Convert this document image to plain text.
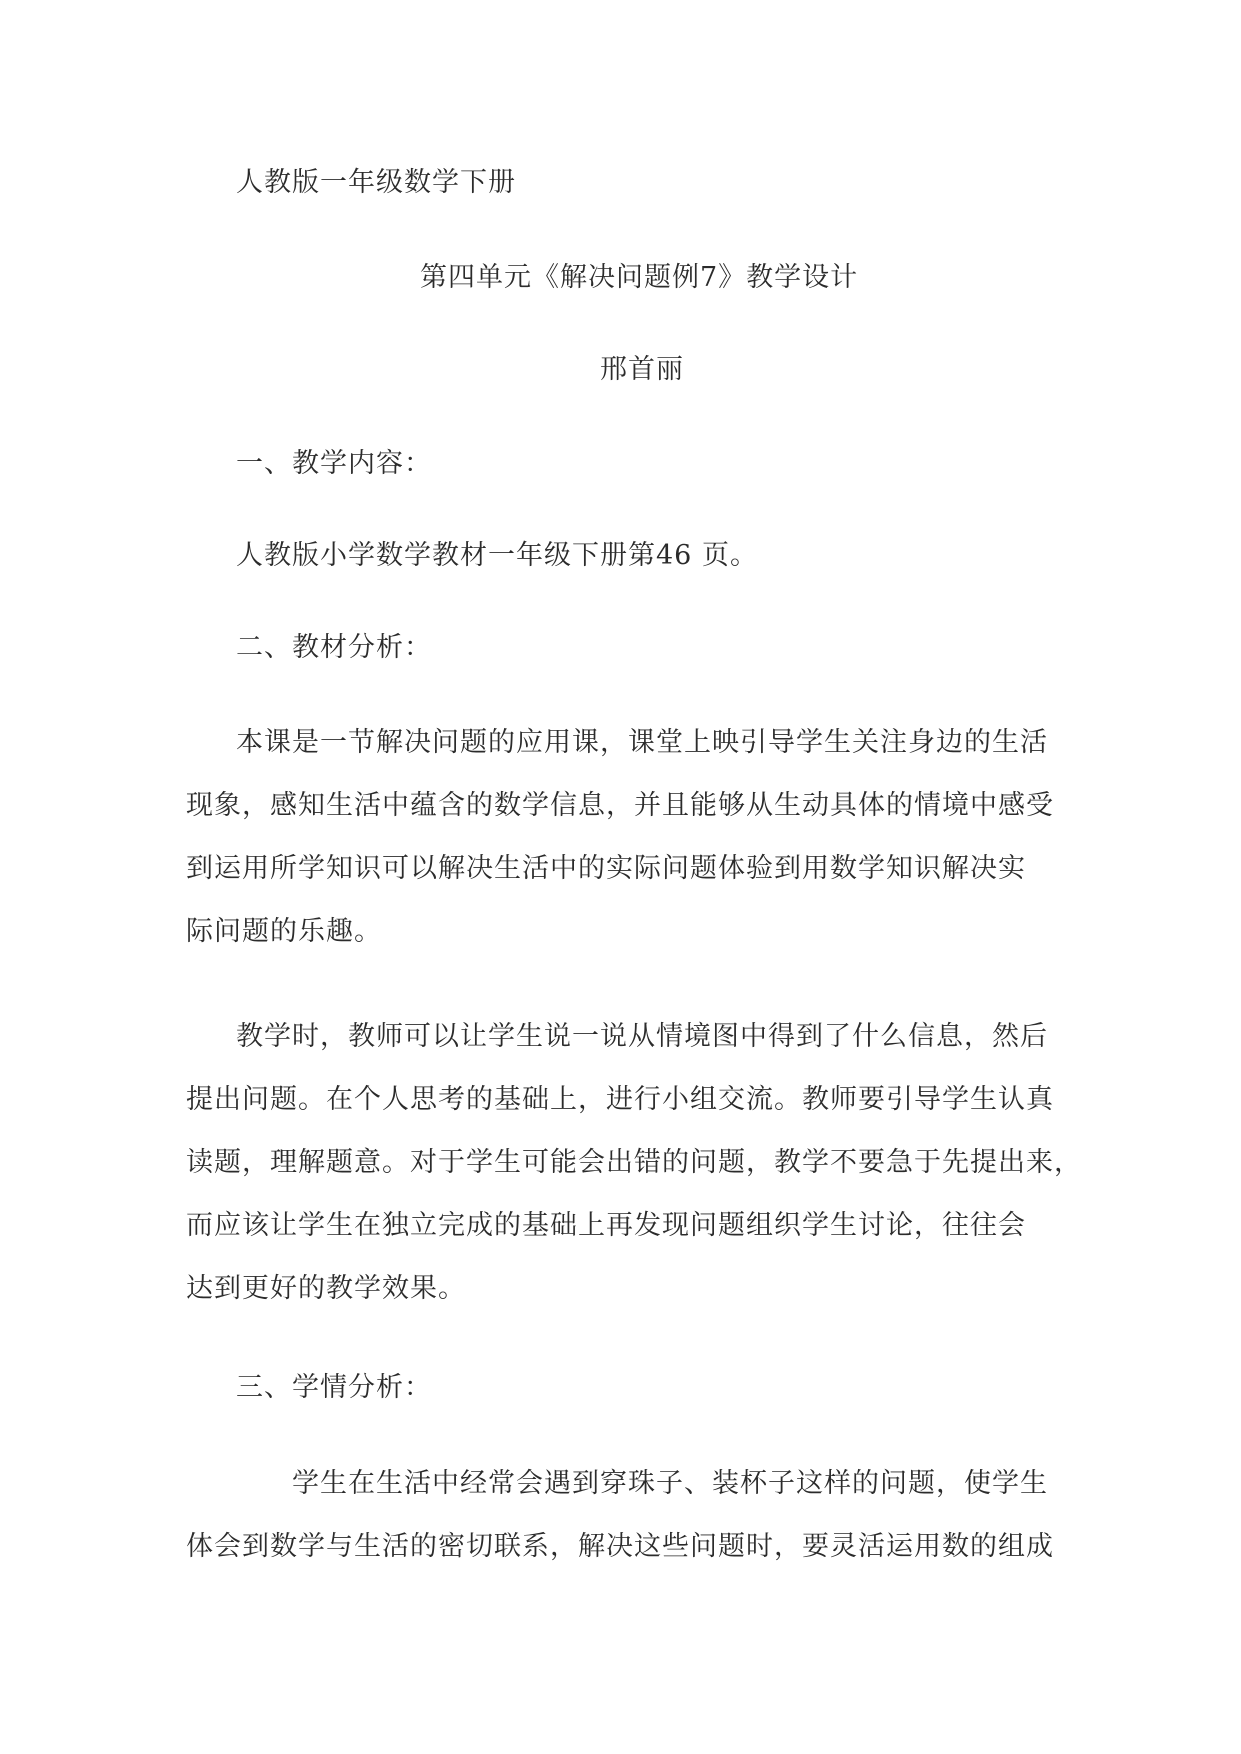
人教版一年级数学下册
第四单元《解决问题例7》教学设计
邢首丽
一、教学内容：
人教版小学数学教材一年级下册第46 页。
二、教材分析：
本课是一节解决问题的应用课，课堂上映引导学生关注身边的生活
现象，感知生活中蕴含的数学信息，并且能够从生动具体的情境中感受
到运用所学知识可以解决生活中的实际问题体验到用数学知识解决实
际问题的乐趣。
教学时，教师可以让学生说一说从情境图中得到了什么信息，然后
提出问题。在个人思考的基础上，进行小组交流。教师要引导学生认真
读题，理解题意。对于学生可能会出错的问题，教学不要急于先提出来，
而应该让学生在独立完成的基础上再发现问题组织学生讨论，往往会
达到更好的教学效果。
三、学情分析：
学生在生活中经常会遇到穿珠子、装杯子这样的问题，使学生
体会到数学与生活的密切联系，解决这些问题时，要灵活运用数的组成
